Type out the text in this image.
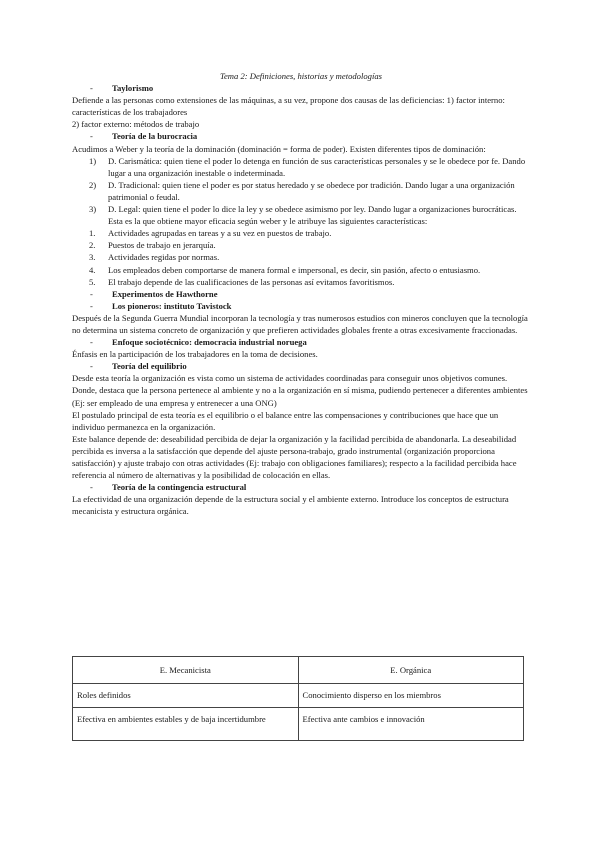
Tema 2: Definiciones, historias y metodologías
- Taylorismo

Defiende a las personas como extensiones de las máquinas, a su vez, propone dos causas de las deficiencias: 1) factor interno: características de los trabajadores

2) factor externo: métodos de trabajo

- Teoría de la burocracia

Acudimos a Weber y la teoría de la dominación (dominación = forma de poder). Existen diferentes tipos de dominación:

1) D. Carismática: quien tiene el poder lo detenga en función de sus características personales y se le obedece por fe. Dando lugar a una organización inestable o indeterminada.
2) D. Tradicional: quien tiene el poder es por status heredado y se obedece por tradición. Dando lugar a una organización patrimonial o feudal.
3) D. Legal: quien tiene el poder lo dice la ley y se obedece asimismo por ley. Dando lugar a organizaciones burocráticas. Esta es la que obtiene mayor eficacia según weber y le atribuye las siguientes características:
1. Actividades agrupadas en tareas y a su vez en puestos de trabajo.
2. Puestos de trabajo en jerarquía.
3. Actividades regidas por normas.
4. Los empleados deben comportarse de manera formal e impersonal, es decir, sin pasión, afecto o entusiasmo.
5. El trabajo depende de las cualificaciones de las personas así evitamos favoritismos.
- Experimentos de Hawthorne
- Los pioneros: instituto Tavistock

Después de la Segunda Guerra Mundial incorporan la tecnología y tras numerosos estudios con mineros concluyen que la tecnología no determina un sistema concreto de organización y que prefieren actividades globales frente a otras excesivamente fraccionadas.

- Enfoque sociotécnico: democracia industrial noruega

Énfasis en la participación de los trabajadores en la toma de decisiones.

- Teoría del equilibrio

Desde esta teoría la organización es vista como un sistema de actividades coordinadas para conseguir unos objetivos comunes. Donde, destaca que la persona pertenece al ambiente y no a la organización en sí misma, pudiendo pertenecer a diferentes ambientes (Ej: ser empleado de una empresa y entrenecer a una ONG)

El postulado principal de esta teoría es el equilibrio o el balance entre las compensaciones y contribuciones que hace que un individuo permanezca en la organización.

Este balance depende de: deseabilidad percibida de dejar la organización y la facilidad percibida de abandonarla. La deseabilidad percibida es inversa a la satisfacción que depende del ajuste persona-trabajo, grado instrumental (organización proporciona satisfacción) y ajuste trabajo con otras actividades (Ej: trabajo con obligaciones familiares); respecto a la facilidad percibida hace referencia al número de alternativas y la posibilidad de colocación en ellas.

- Teoría de la contingencia estructural

La efectividad de una organización depende de la estructura social y el ambiente externo. Introduce los conceptos de estructura mecanicista y estructura orgánica.

E. Mecanicista	E. Orgánica
Roles definidos	Conocimiento disperso en los miembros
Efectiva en ambientes estables y de baja incertidumbre	Efectiva ante cambios e innovación
